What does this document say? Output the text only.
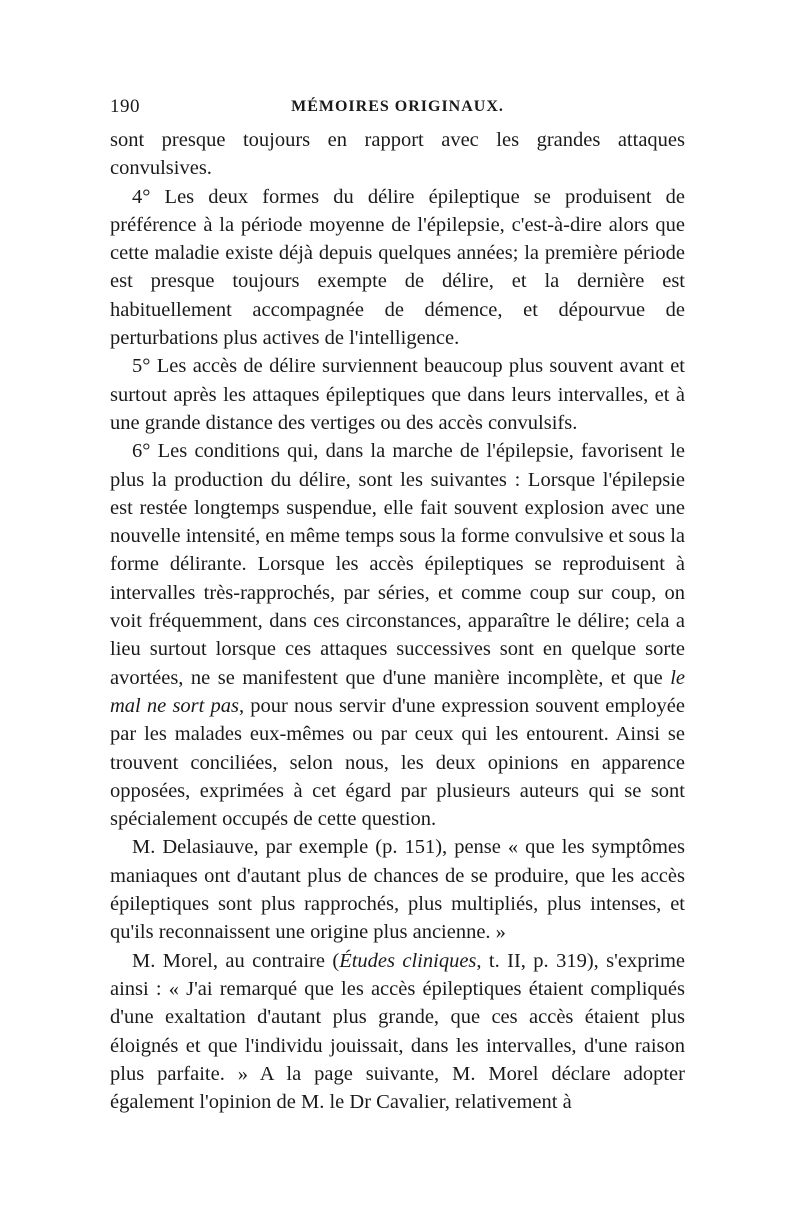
190	MÉMOIRES ORIGINAUX.

sont presque toujours en rapport avec les grandes attaques convulsives.

4° Les deux formes du délire épileptique se produisent de préférence à la période moyenne de l'épilepsie, c'est-à-dire alors que cette maladie existe déjà depuis quelques années; la première période est presque toujours exempte de délire, et la dernière est habituellement accompagnée de démence, et dépourvue de perturbations plus actives de l'intelligence.

5° Les accès de délire surviennent beaucoup plus souvent avant et surtout après les attaques épileptiques que dans leurs intervalles, et à une grande distance des vertiges ou des accès convulsifs.

6° Les conditions qui, dans la marche de l'épilepsie, favorisent le plus la production du délire, sont les suivantes : Lorsque l'épilepsie est restée longtemps suspendue, elle fait souvent explosion avec une nouvelle intensité, en même temps sous la forme convulsive et sous la forme délirante. Lorsque les accès épileptiques se reproduisent à intervalles très-rapprochés, par séries, et comme coup sur coup, on voit fréquemment, dans ces circonstances, apparaître le délire; cela a lieu surtout lorsque ces attaques successives sont en quelque sorte avortées, ne se manifestent que d'une manière incomplète, et que le mal ne sort pas, pour nous servir d'une expression souvent employée par les malades eux-mêmes ou par ceux qui les entourent. Ainsi se trouvent conciliées, selon nous, les deux opinions en apparence opposées, exprimées à cet égard par plusieurs auteurs qui se sont spécialement occupés de cette question.

M. Delasiauve, par exemple (p. 151), pense « que les symptômes maniaques ont d'autant plus de chances de se produire, que les accès épileptiques sont plus rapprochés, plus multipliés, plus intenses, et qu'ils reconnaissent une origine plus ancienne. »

M. Morel, au contraire (Études cliniques, t. II, p. 319), s'exprime ainsi : « J'ai remarqué que les accès épileptiques étaient compliqués d'une exaltation d'autant plus grande, que ces accès étaient plus éloignés et que l'individu jouissait, dans les intervalles, d'une raison plus parfaite. » A la page suivante, M. Morel déclare adopter également l'opinion de M. le Dr Cavalier, relativement à
